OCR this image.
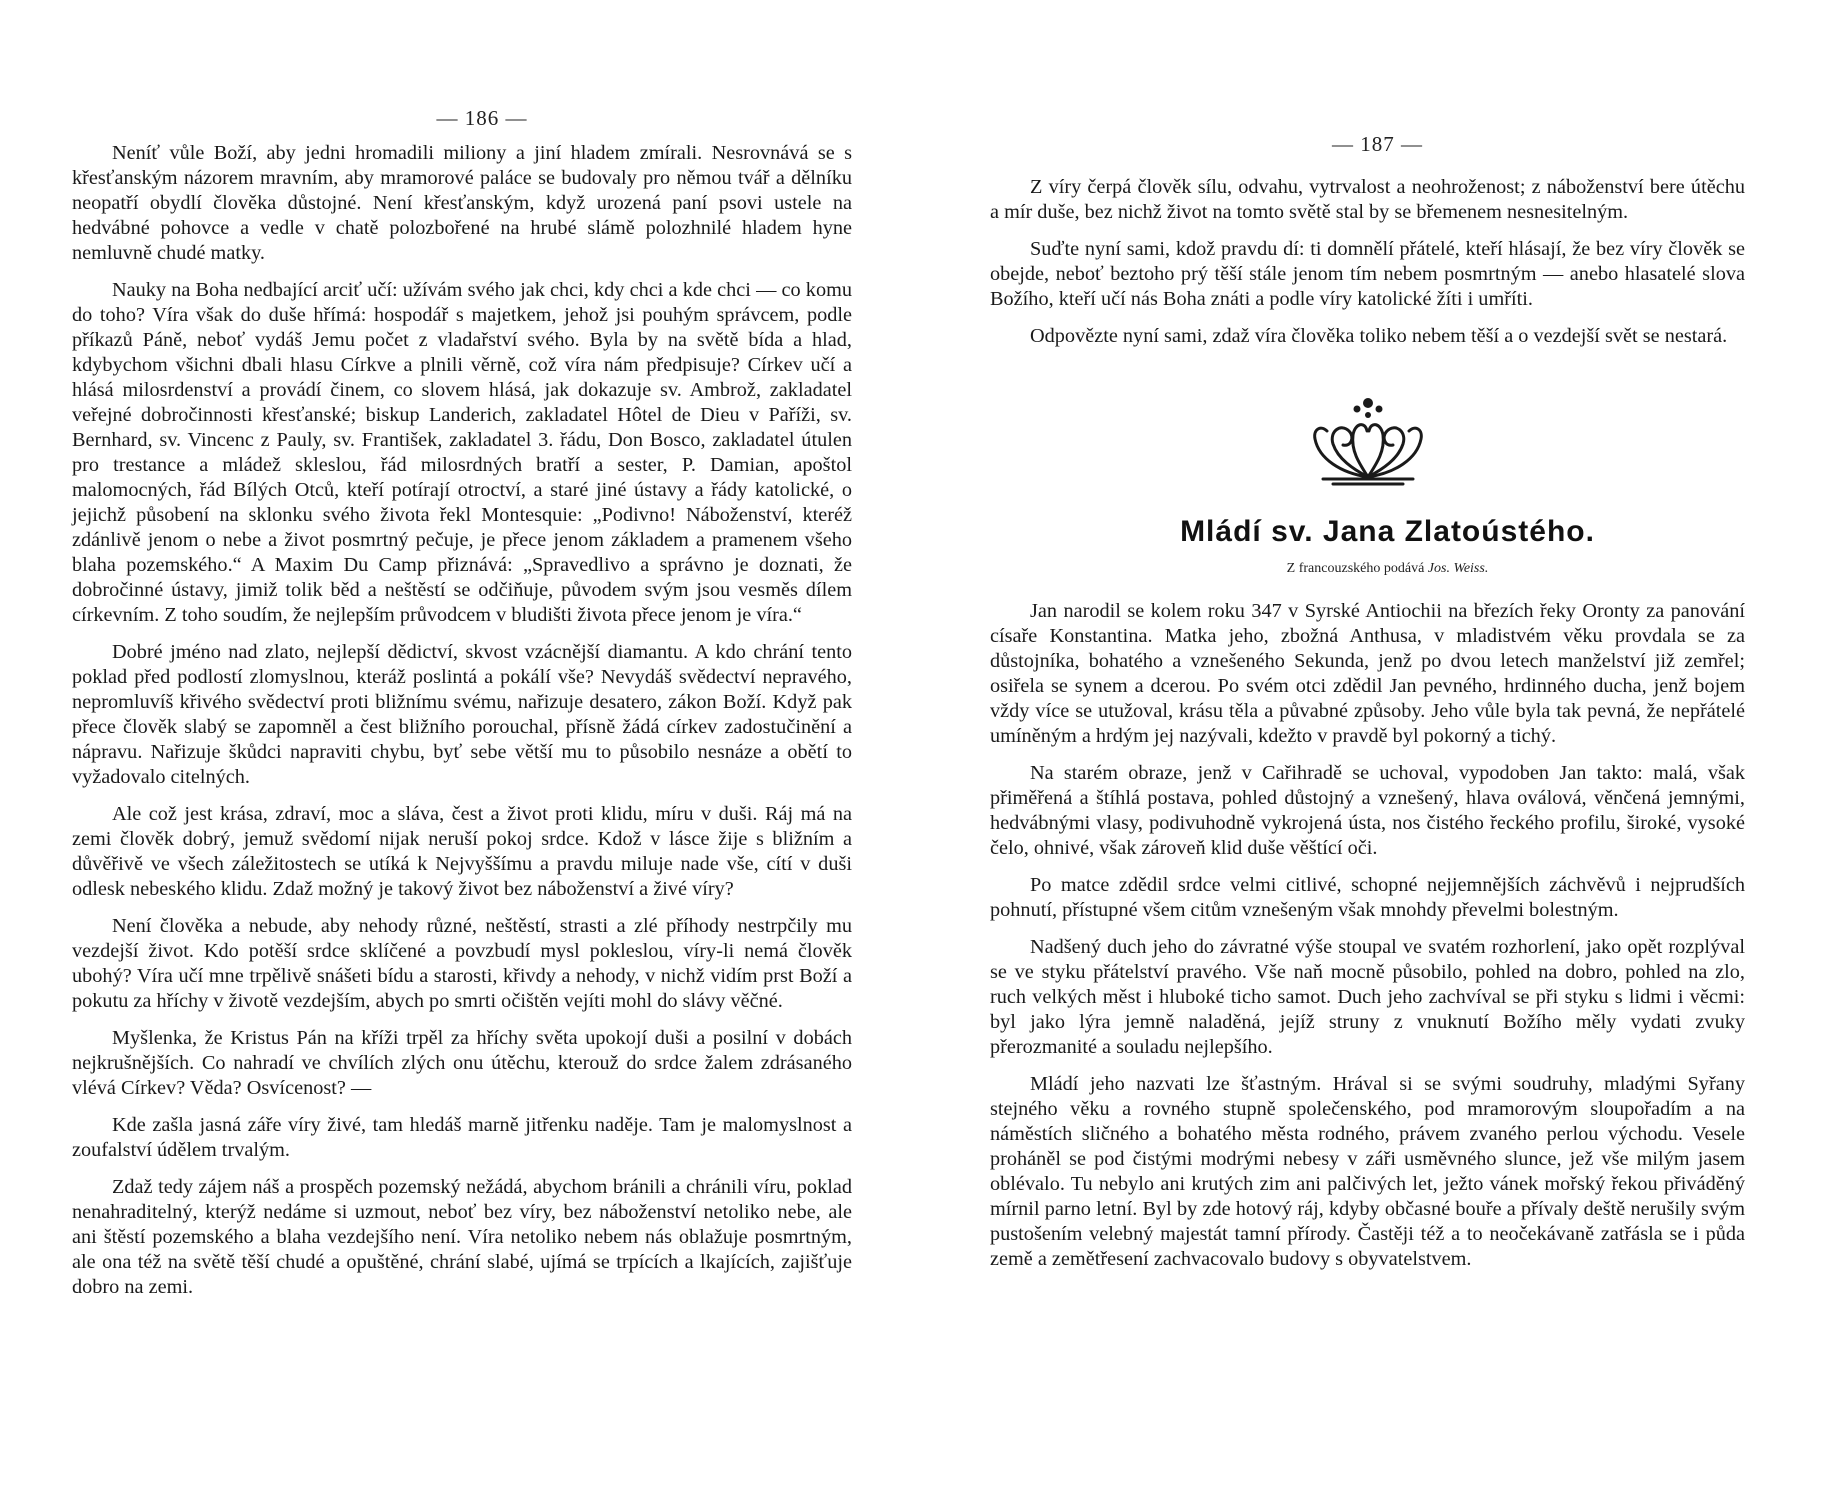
— 186 —

Neníť vůle Boží, aby jedni hromadili miliony a jiní hladem zmírali. Nesrovnává se s křesťanským názorem mravním, aby mramorové paláce se budovaly pro němou tvář a dělníku neopatří obydlí člověka důstojné. Není křesťanským, když urozená paní psovi ustele na hedvábné pohovce a vedle v chatě polozbořené na hrubé slámě polozhnilé hladem hyne nemluvně chudé matky.

Nauky na Boha nedbající arciť učí: užívám svého jak chci, kdy chci a kde chci — co komu do toho? Víra však do duše hřímá: hospodář s majetkem, jehož jsi pouhým správcem, podle příkazů Páně, neboť vydáš Jemu počet z vladařství svého. Byla by na světě bída a hlad, kdybychom všichni dbali hlasu Církve a plnili věrně, což víra nám předpisuje? Církev učí a hlásá milosrdenství a provádí činem, co slovem hlásá, jak dokazuje sv. Ambrož, zakladatel veřejné dobročinnosti křesťanské; biskup Landerich, zakladatel Hôtel de Dieu v Paříži, sv. Bernhard, sv. Vincenc z Pauly, sv. František, zakladatel 3. řádu, Don Bosco, zakladatel útulen pro trestance a mládež skleslou, řád milosrdných bratří a sester, P. Damian, apoštol malomocných, řád Bílých Otců, kteří potírají otroctví, a staré jiné ústavy a řády katolické, o jejichž působení na sklonku svého života řekl Montesquie: „Podivno! Náboženství, kteréž zdánlivě jenom o nebe a život posmrtný pečuje, je přece jenom základem a pramenem všeho blaha pozemského.“ A Maxim Du Camp přiznává: „Spravedlivo a správno je doznati, že dobročinné ústavy, jimiž tolik běd a neštěstí se odčiňuje, původem svým jsou vesměs dílem církevním. Z toho soudím, že nejlepším průvodcem v bludišti života přece jenom je víra.“

Dobré jméno nad zlato, nejlepší dědictví, skvost vzácnější diamantu. A kdo chrání tento poklad před podlostí zlomyslnou, kteráž poslintá a pokálí vše? Nevydáš svědectví nepravého, nepromluvíš křivého svědectví proti bližnímu svému, nařizuje desatero, zákon Boží. Když pak přece člověk slabý se zapomněl a čest bližního porouchal, přísně žádá církev zadostučinění a nápravu. Nařizuje škůdci napraviti chybu, byť sebe větší mu to působilo nesnáze a obětí to vyžadovalo citelných.

Ale což jest krása, zdraví, moc a sláva, čest a život proti klidu, míru v duši. Ráj má na zemi člověk dobrý, jemuž svědomí nijak neruší pokoj srdce. Kdož v lásce žije s bližním a důvěřivě ve všech záležitostech se utíká k Nejvyššímu a pravdu miluje nade vše, cítí v duši odlesk nebeského klidu. Zdaž možný je takový život bez náboženství a živé víry?

Není člověka a nebude, aby nehody různé, neštěstí, strasti a zlé příhody nestrpčily mu vezdejší život. Kdo potěší srdce sklíčené a povzbudí mysl pokleslou, víry-li nemá člověk ubohý? Víra učí mne trpělivě snášeti bídu a starosti, křivdy a nehody, v nichž vidím prst Boží a pokutu za hříchy v životě vezdejším, abych po smrti očištěn vejíti mohl do slávy věčné.

Myšlenka, že Kristus Pán na kříži trpěl za hříchy světa upokojí duši a posilní v dobách nejkrušnějších. Co nahradí ve chvílích zlých onu útěchu, kterouž do srdce žalem zdrásaného vlévá Církev? Věda? Osvícenost? —

Kde zašla jasná záře víry živé, tam hledáš marně jitřenku naděje. Tam je malomyslnost a zoufalství údělem trvalým.

Zdaž tedy zájem náš a prospěch pozemský nežádá, abychom bránili a chránili víru, poklad nenahraditelný, kterýž nedáme si uzmout, neboť bez víry, bez náboženství netoliko nebe, ale ani štěstí pozemského a blaha vezdejšího není. Víra netoliko nebem nás oblažuje posmrtným, ale ona též na světě těší chudé a opuštěné, chrání slabé, ujímá se trpících a lkajících, zajišťuje dobro na zemi.

— 187 —

Z víry čerpá člověk sílu, odvahu, vytrvalost a neohroženost; z náboženství bere útěchu a mír duše, bez nichž život na tomto světě stal by se břemenem nesnesitelným.

Suďte nyní sami, kdož pravdu dí: ti domnělí přátelé, kteří hlásají, že bez víry člověk se obejde, neboť beztoho prý těší stále jenom tím nebem posmrtným — anebo hlasatelé slova Božího, kteří učí nás Boha znáti a podle víry katolické žíti i umříti.

Odpovězte nyní sami, zdaž víra člověka toliko nebem těší a o vezdejší svět se nestará.

Mládí sv. Jana Zlatoústého.
Z francouzského podává Jos. Weiss.

Jan narodil se kolem roku 347 v Syrské Antiochii na březích řeky Oronty za panování císaře Konstantina. Matka jeho, zbožná Anthusa, v mladistvém věku provdala se za důstojníka, bohatého a vznešeného Sekunda, jenž po dvou letech manželství již zemřel; osiřela se synem a dcerou. Po svém otci zdědil Jan pevného, hrdinného ducha, jenž bojem vždy více se utužoval, krásu těla a půvabné způsoby. Jeho vůle byla tak pevná, že nepřátelé umíněným a hrdým jej nazývali, kdežto v pravdě byl pokorný a tichý.

Na starém obraze, jenž v Cařihradě se uchoval, vypodoben Jan takto: malá, však přiměřená a štíhlá postava, pohled důstojný a vznešený, hlava oválová, věnčená jemnými, hedvábnými vlasy, podivuhodně vykrojená ústa, nos čistého řeckého profilu, široké, vysoké čelo, ohnivé, však zároveň klid duše věštící oči.

Po matce zdědil srdce velmi citlivé, schopné nejjemnějších záchvěvů i nejprudších pohnutí, přístupné všem citům vznešeným však mnohdy převelmi bolestným.

Nadšený duch jeho do závratné výše stoupal ve svatém rozhorlení, jako opět rozplýval se ve styku přátelství pravého. Vše naň mocně působilo, pohled na dobro, pohled na zlo, ruch velkých měst i hluboké ticho samot. Duch jeho zachvíval se při styku s lidmi i věcmi: byl jako lýra jemně naladěná, jejíž struny z vnuknutí Božího měly vydati zvuky přerozmanité a souladu nejlepšího.

Mládí jeho nazvati lze šťastným. Hrával si se svými soudruhy, mladými Syřany stejného věku a rovného stupně společenského, pod mramorovým sloupořadím a na náměstích sličného a bohatého města rodného, právem zvaného perlou východu. Vesele proháněl se pod čistými modrými nebesy v záři usměvného slunce, jež vše milým jasem oblévalo. Tu nebylo ani krutých zim ani palčivých let, ježto vánek mořský řekou přiváděný mírnil parno letní. Byl by zde hotový ráj, kdyby občasné bouře a přívaly deště nerušily svým pustošením velebný majestát tamní přírody. Častěji též a to neočekávaně zatřásla se i půda země a zemětřesení zachvacovalo budovy s obyvatelstvem.
